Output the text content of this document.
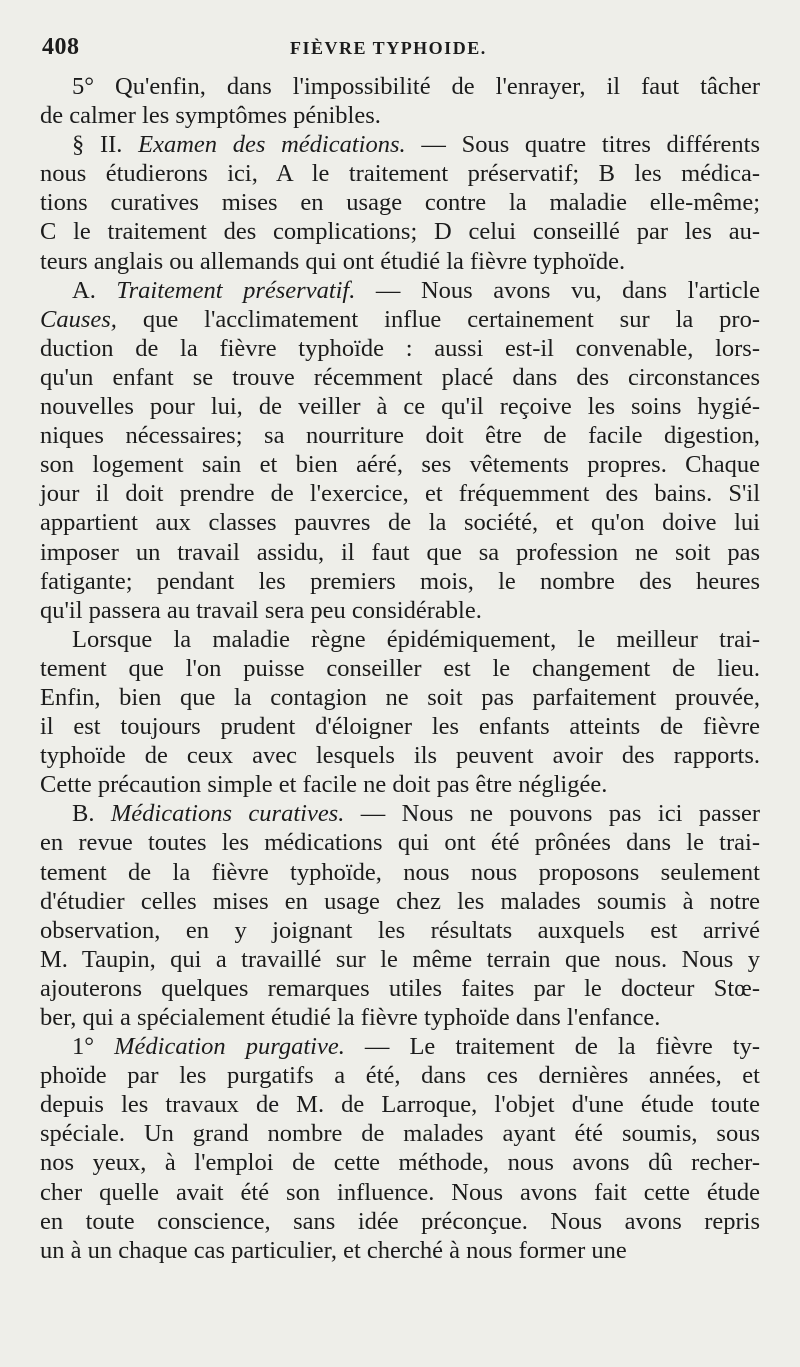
408	FIÈVRE TYPHOIDE.

5° Qu'enfin, dans l'impossibilité de l'enrayer, il faut tâcher
de calmer les symptômes pénibles.

§ II. Examen des médications. — Sous quatre titres différents
nous étudierons ici, A le traitement préservatif; B les médica-
tions curatives mises en usage contre la maladie elle-même;
C le traitement des complications; D celui conseillé par les au-
teurs anglais ou allemands qui ont étudié la fièvre typhoïde.

A. Traitement préservatif. — Nous avons vu, dans l'article
Causes, que l'acclimatement influe certainement sur la pro-
duction de la fièvre typhoïde : aussi est-il convenable, lors-
qu'un enfant se trouve récemment placé dans des circonstances
nouvelles pour lui, de veiller à ce qu'il reçoive les soins hygié-
niques nécessaires; sa nourriture doit être de facile digestion,
son logement sain et bien aéré, ses vêtements propres. Chaque
jour il doit prendre de l'exercice, et fréquemment des bains. S'il
appartient aux classes pauvres de la société, et qu'on doive lui
imposer un travail assidu, il faut que sa profession ne soit pas
fatigante; pendant les premiers mois, le nombre des heures
qu'il passera au travail sera peu considérable.

Lorsque la maladie règne épidémiquement, le meilleur trai-
tement que l'on puisse conseiller est le changement de lieu.
Enfin, bien que la contagion ne soit pas parfaitement prouvée,
il est toujours prudent d'éloigner les enfants atteints de fièvre
typhoïde de ceux avec lesquels ils peuvent avoir des rapports.
Cette précaution simple et facile ne doit pas être négligée.

B. Médications curatives. — Nous ne pouvons pas ici passer
en revue toutes les médications qui ont été prônées dans le trai-
tement de la fièvre typhoïde, nous nous proposons seulement
d'étudier celles mises en usage chez les malades soumis à notre
observation, en y joignant les résultats auxquels est arrivé
M. Taupin, qui a travaillé sur le même terrain que nous. Nous y
ajouterons quelques remarques utiles faites par le docteur Stœ-
ber, qui a spécialement étudié la fièvre typhoïde dans l'enfance.

1° Médication purgative. — Le traitement de la fièvre ty-
phoïde par les purgatifs a été, dans ces dernières années, et
depuis les travaux de M. de Larroque, l'objet d'une étude toute
spéciale. Un grand nombre de malades ayant été soumis, sous
nos yeux, à l'emploi de cette méthode, nous avons dû recher-
cher quelle avait été son influence. Nous avons fait cette étude
en toute conscience, sans idée préconçue. Nous avons repris
un à un chaque cas particulier, et cherché à nous former une
